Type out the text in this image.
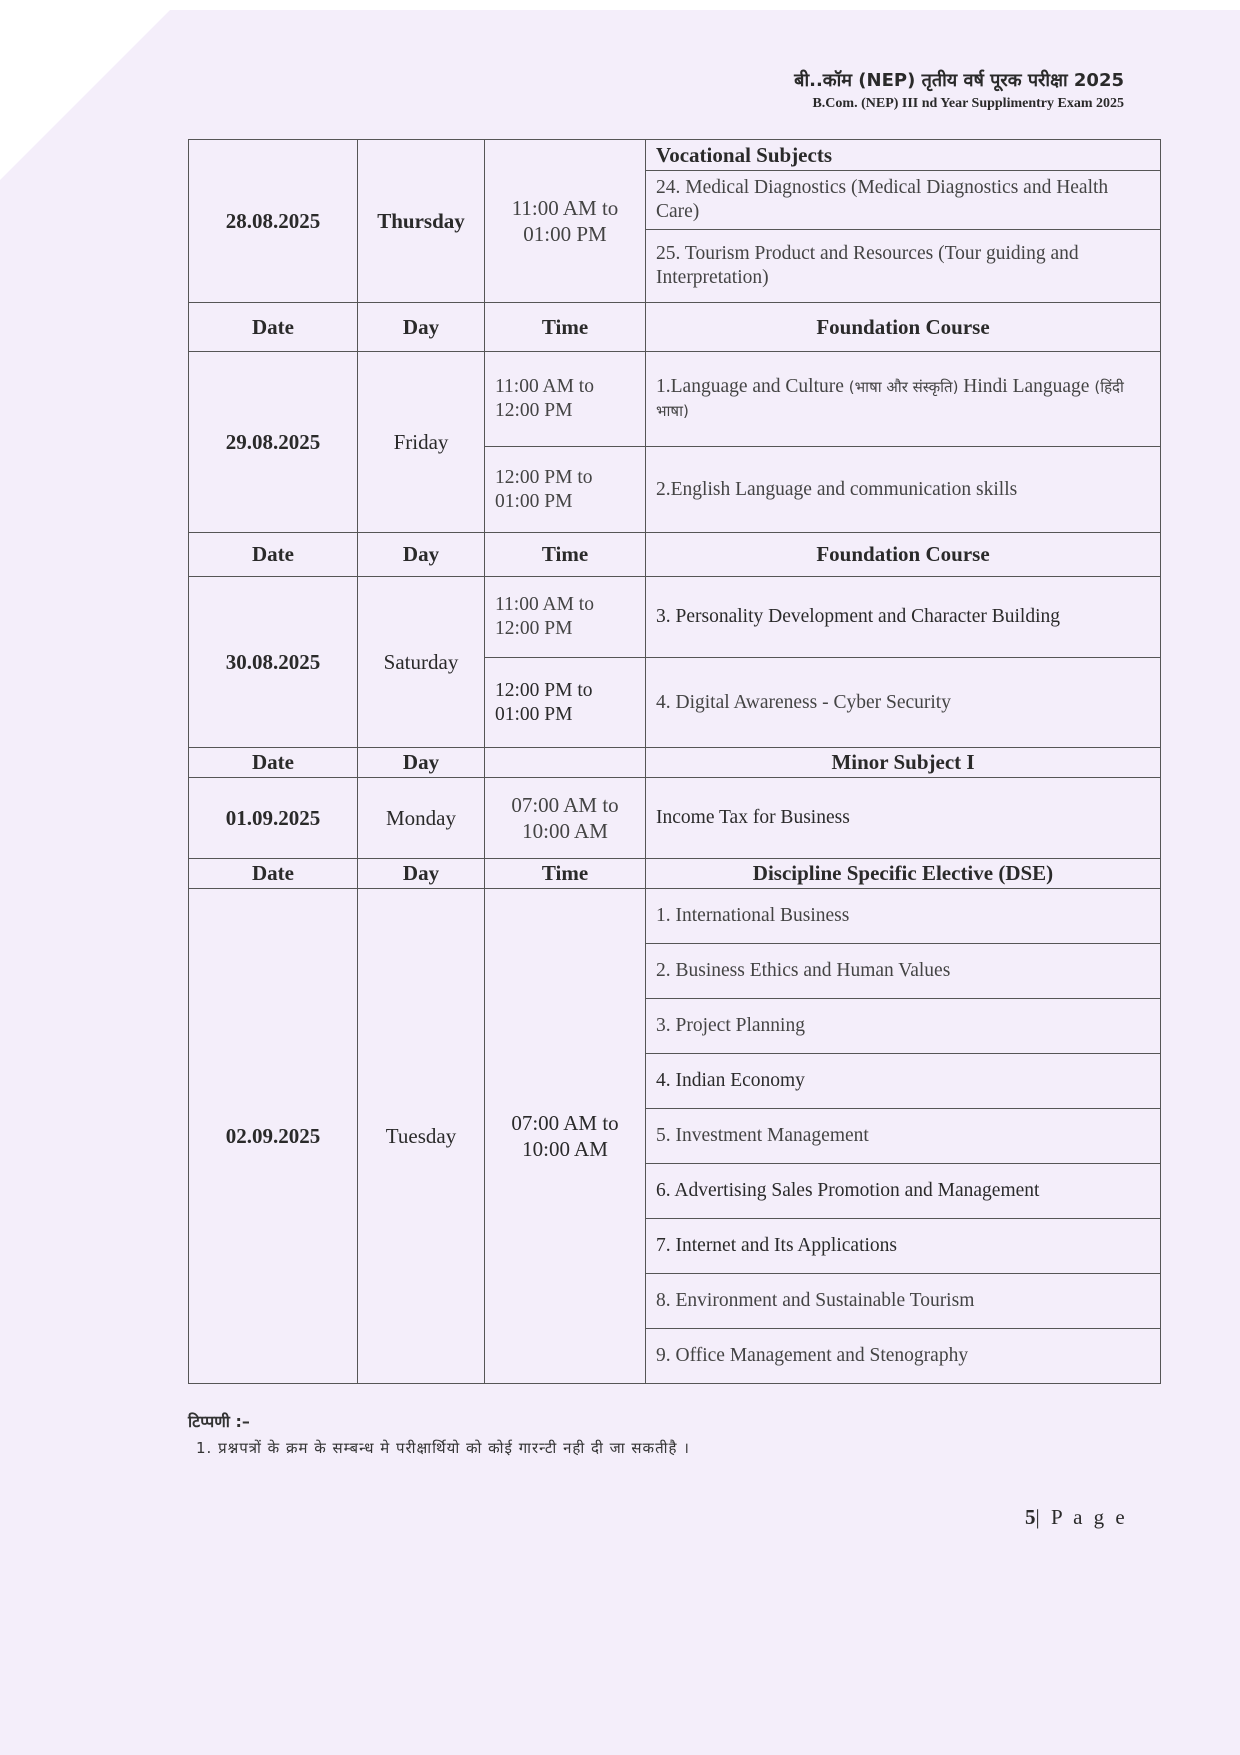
बी..कॉम (NEP) तृतीय वर्ष पूरक परीक्षा 2025
B.Com. (NEP) III nd Year Supplimentry Exam 2025
28.08.2025	Thursday	11:00 AM to 01:00 PM	Vocational Subjects
			24. Medical Diagnostics (Medical Diagnostics and Health Care)
			25. Tourism Product and Resources (Tour guiding and Interpretation)
Date	Day	Time	Foundation Course
29.08.2025	Friday	11:00 AM to 12:00 PM	1.Language and Culture (भाषा और संस्कृति) Hindi Language (हिंदी भाषा)
		12:00 PM to 01:00 PM	2.English Language and communication skills
Date	Day	Time	Foundation Course
30.08.2025	Saturday	11:00 AM to 12:00 PM	3. Personality Development and Character Building
		12:00 PM to 01:00 PM	4. Digital Awareness - Cyber Security
Date	Day		Minor Subject I
01.09.2025	Monday	07:00 AM to 10:00 AM	Income Tax for Business
Date	Day	Time	Discipline Specific Elective (DSE)
02.09.2025	Tuesday	07:00 AM to 10:00 AM	1. International Business
			2. Business Ethics and Human Values
			3. Project Planning
			4. Indian Economy
			5. Investment Management
			6. Advertising Sales Promotion and Management
			7. Internet and Its Applications
			8. Environment and Sustainable Tourism
			9. Office Management and Stenography
टिप्पणी :–
1. प्रश्नपत्रों के क्रम के सम्बन्ध मे परीक्षार्थियो को कोई गारन्टी नही दी जा सकतीहै ।
5| P a g e
